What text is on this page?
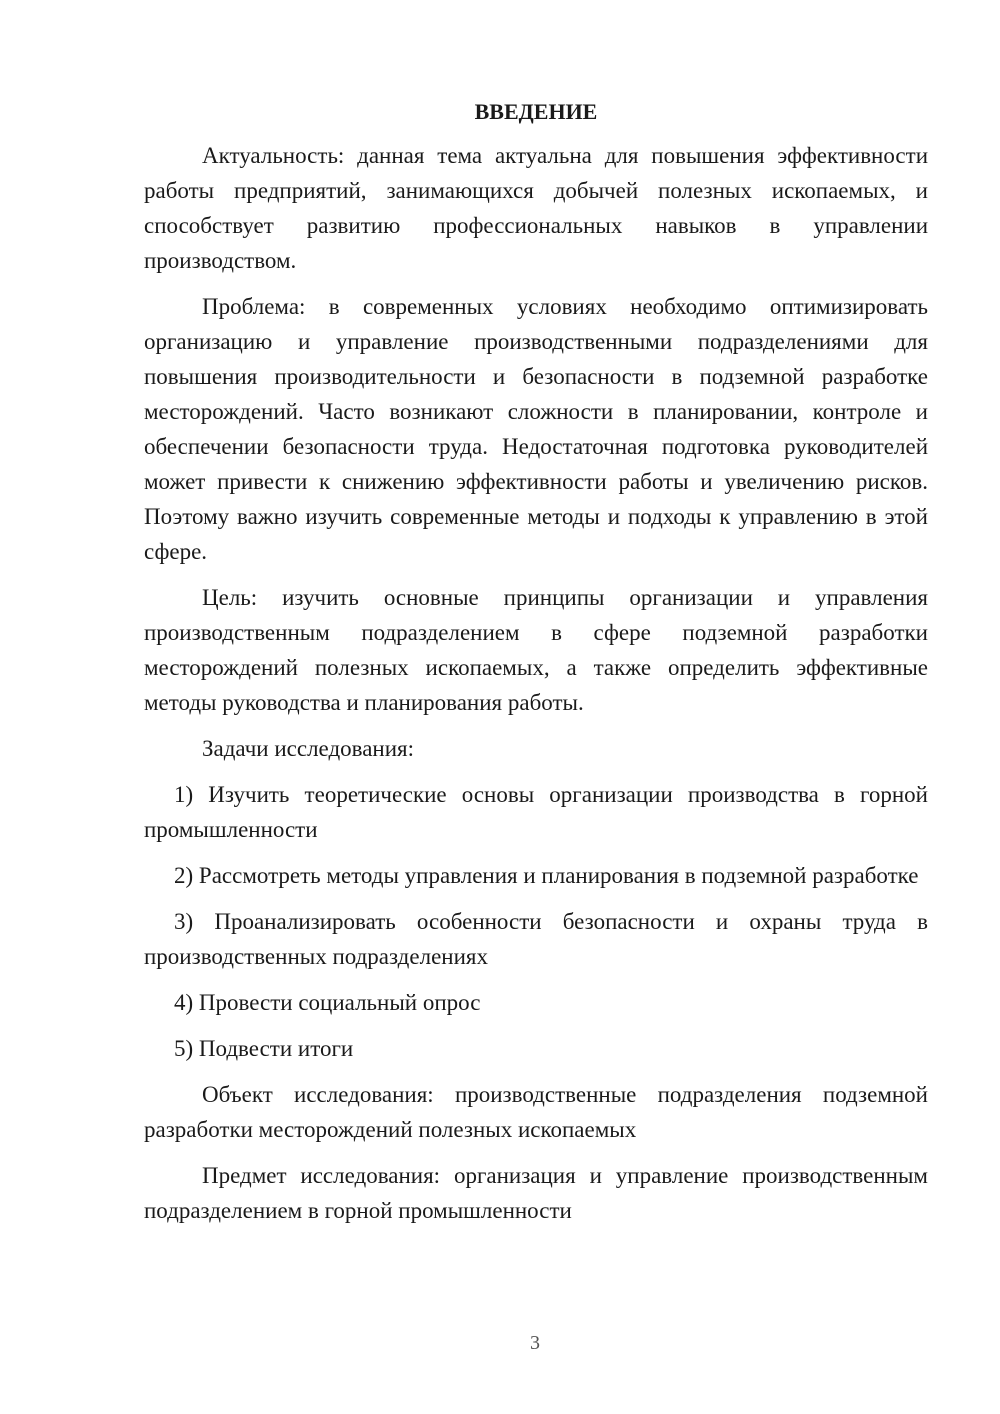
ВВЕДЕНИЕ

Актуальность: данная тема актуальна для повышения эффективности работы предприятий, занимающихся добычей полезных ископаемых, и способствует развитию профессиональных навыков в управлении производством.

Проблема: в современных условиях необходимо оптимизировать организацию и управление производственными подразделениями для повышения производительности и безопасности в подземной разработке месторождений. Часто возникают сложности в планировании, контроле и обеспечении безопасности труда. Недостаточная подготовка руководителей может привести к снижению эффективности работы и увеличению рисков. Поэтому важно изучить современные методы и подходы к управлению в этой сфере.

Цель: изучить основные принципы организации и управления производственным подразделением в сфере подземной разработки месторождений полезных ископаемых, а также определить эффективные методы руководства и планирования работы.

Задачи исследования:

1) Изучить теоретические основы организации производства в горной промышленности

2) Рассмотреть методы управления и планирования в подземной разработке

3) Проанализировать особенности безопасности и охраны труда в производственных подразделениях

4) Провести социальный опрос

5) Подвести итоги

Объект исследования: производственные подразделения подземной разработки месторождений полезных ископаемых

Предмет исследования: организация и управление производственным подразделением в горной промышленности

3
